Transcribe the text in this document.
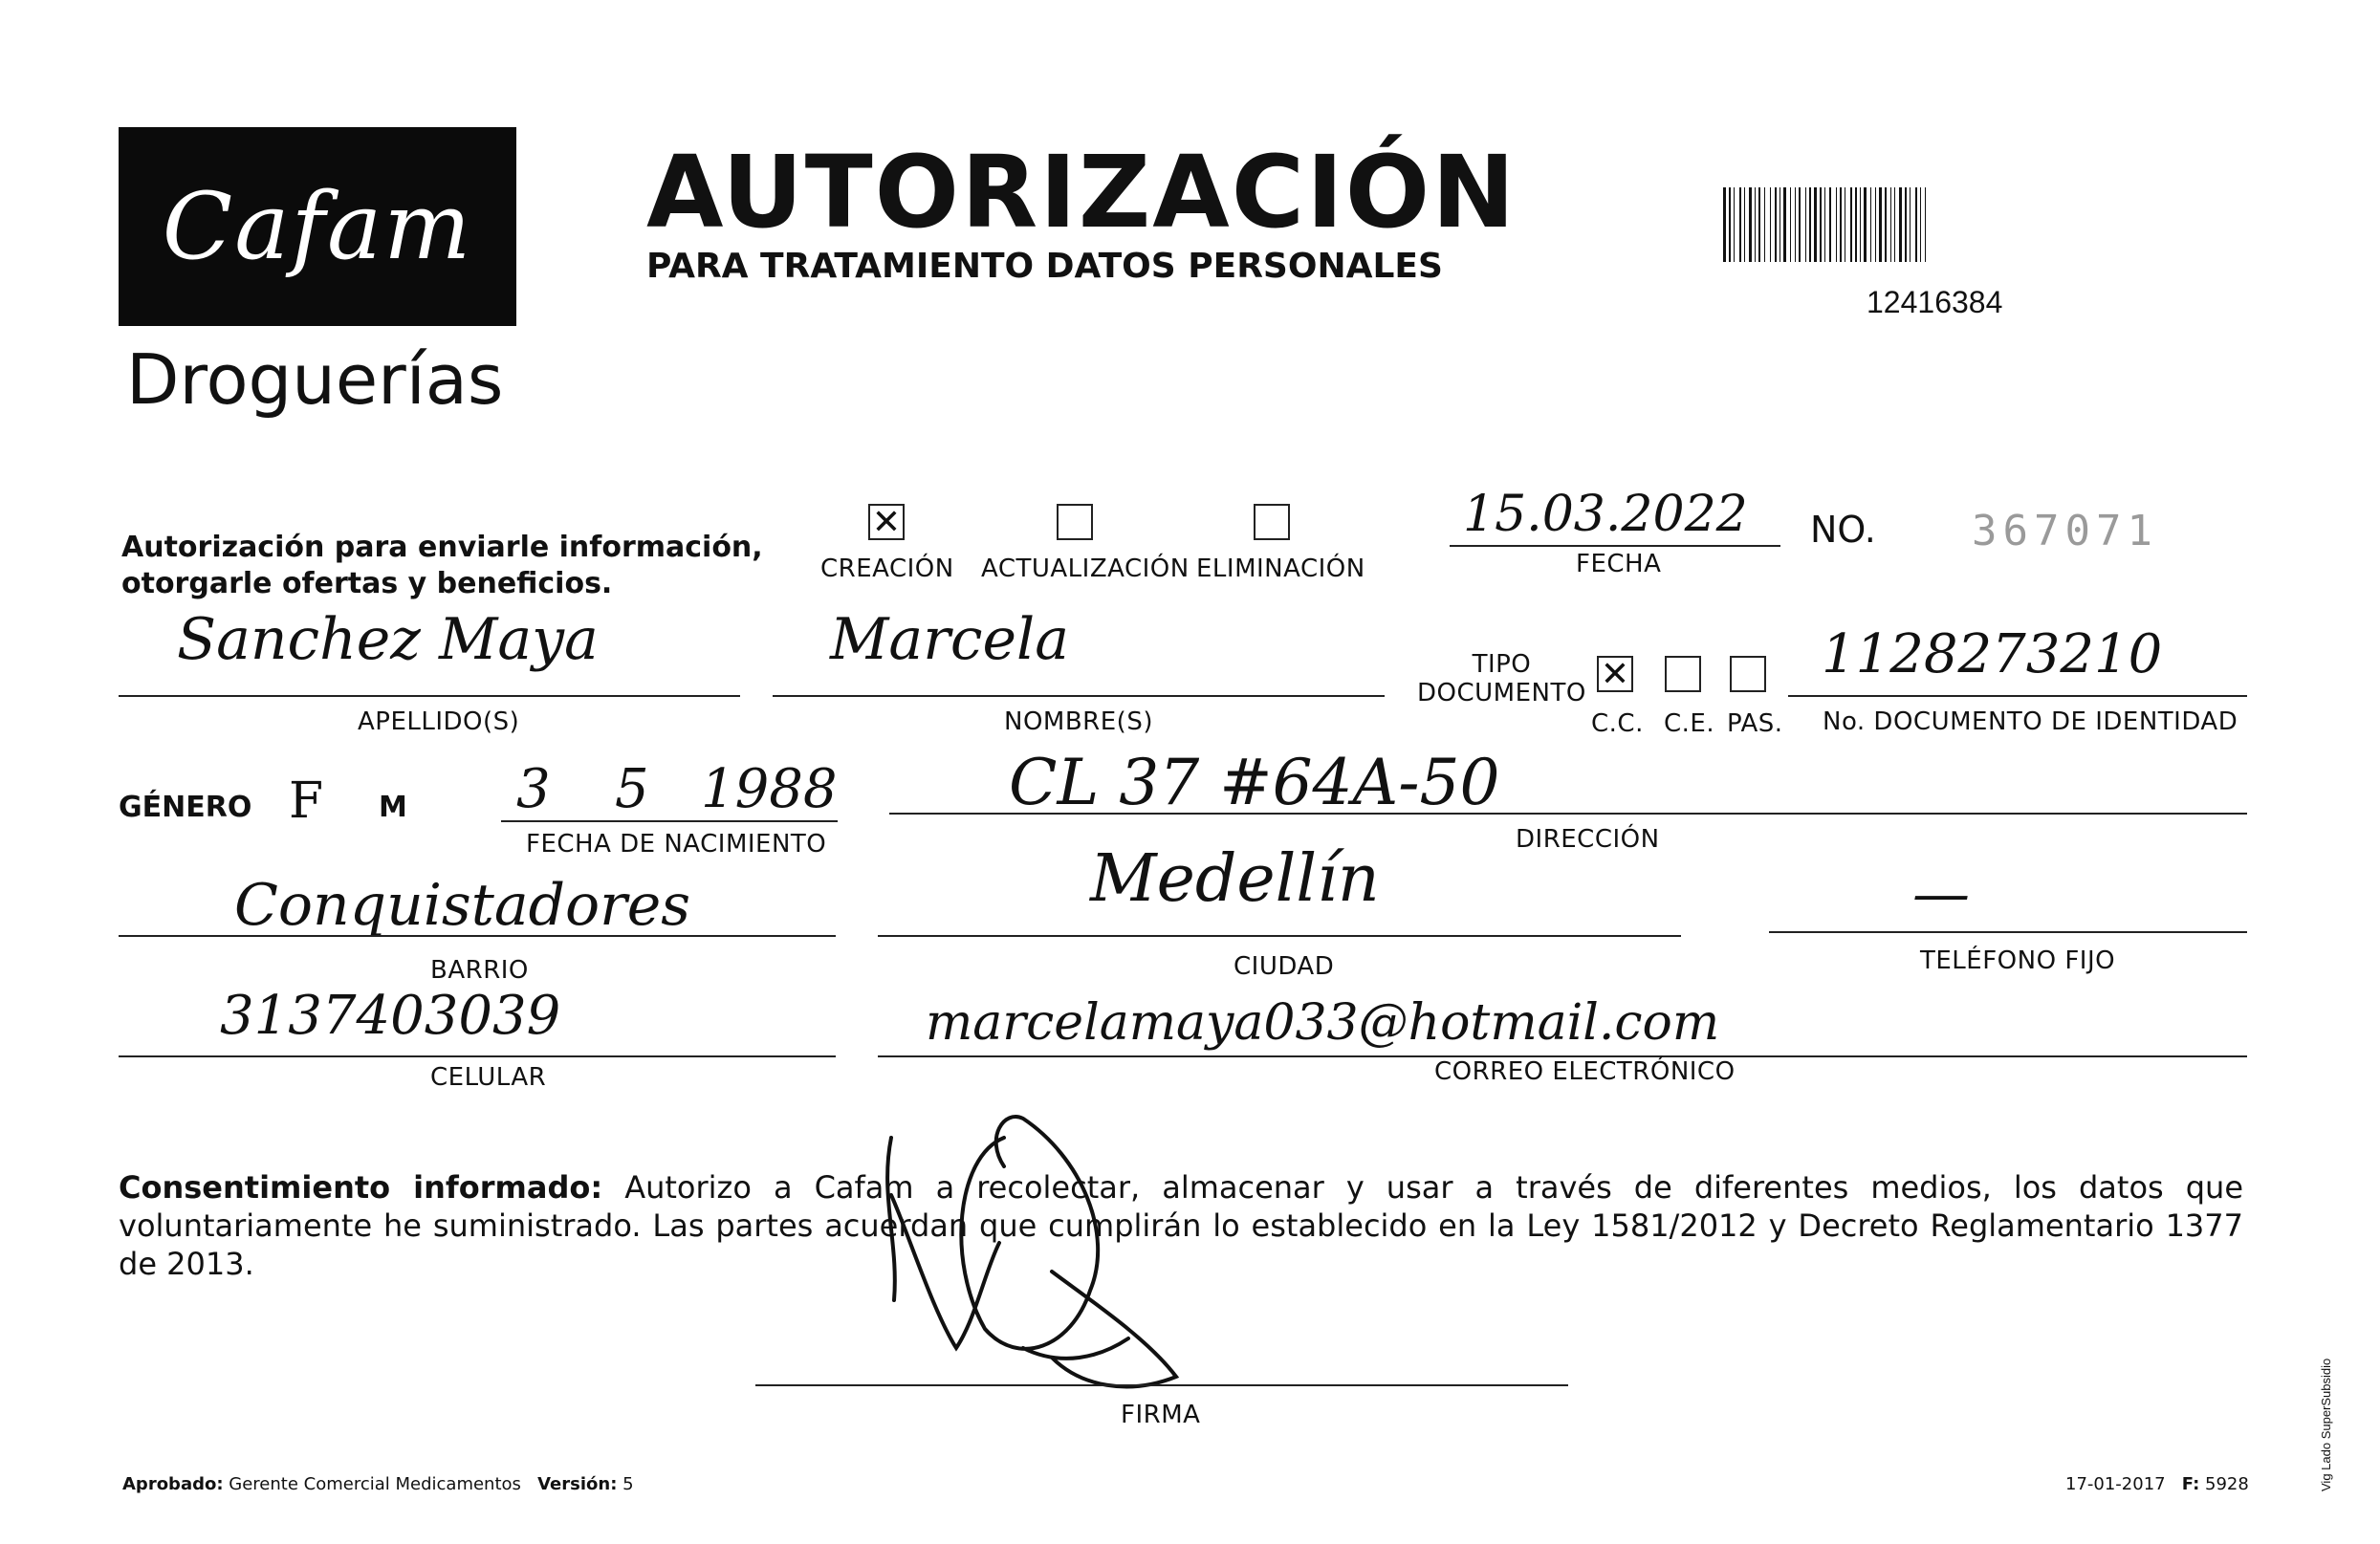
Cafam
Droguerías
AUTORIZACIÓN
PARA TRATAMIENTO DATOS PERSONALES
12416384
Autorización para enviarle información,
otorgarle ofertas y beneficios.
✕
CREACIÓN ACTUALIZACIÓN ELIMINACIÓN
15.03.2022
FECHA
NO. 367071
Sanchez Maya
APELLIDO(S)
Marcela
NOMBRE(S)
TIPO
DOCUMENTO ✕
C.C. C.E. PAS.
1128273210
No. DOCUMENTO DE IDENTIDAD
GÉNERO F M 3 5 1988
FECHA DE NACIMIENTO
CL 37 #64A-50
DIRECCIÓN
Conquistadores
BARRIO
Medellín
CIUDAD
—
TELÉFONO FIJO
3137403039
CELULAR
marcelamaya033@hotmail.com
CORREO ELECTRÓNICO
Consentimiento informado: Autorizo a Cafam a recolectar, almacenar y usar a través de diferentes medios, los datos que voluntariamente he suministrado. Las partes acuerdan que cumplirán lo establecido en la Ley 1581/2012 y Decreto Reglamentario 1377 de 2013.
FIRMA
Aprobado: Gerente Comercial Medicamentos Versión: 5	17-01-2017 F: 5928	Vig Lado SuperSubsidio
